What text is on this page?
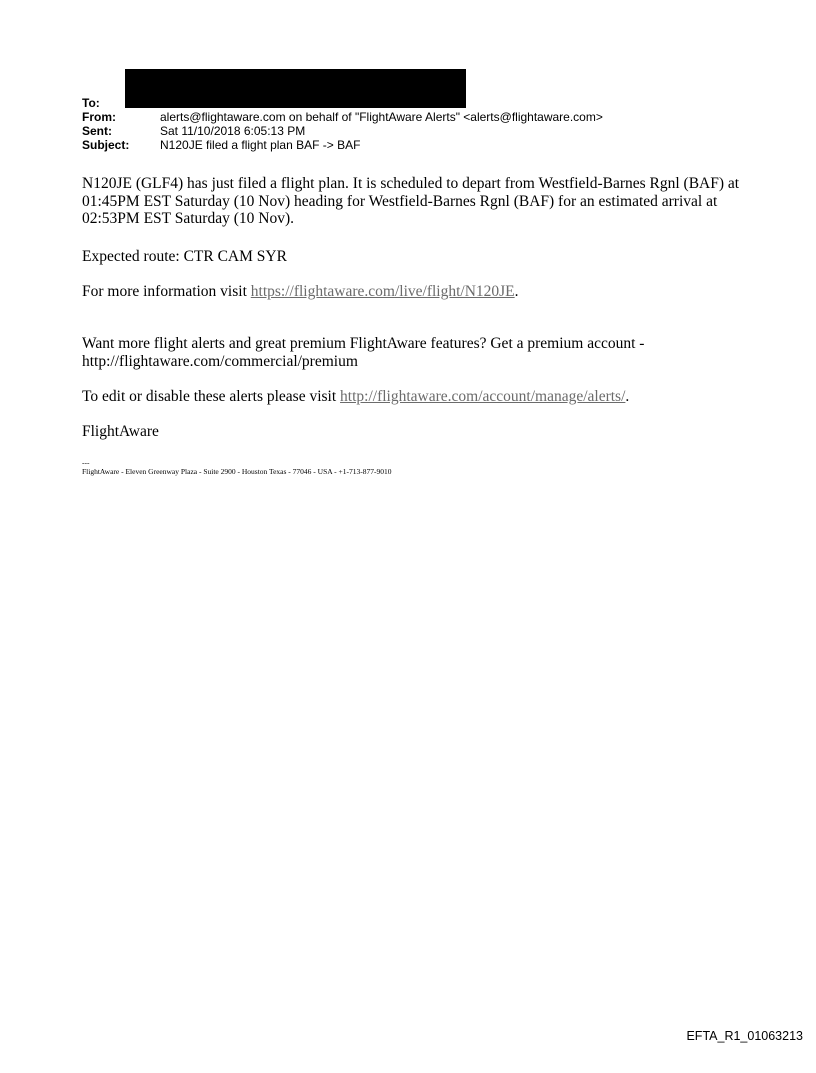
To:
From:	alerts@flightaware.com on behalf of "FlightAware Alerts" <alerts@flightaware.com>
Sent:	Sat 11/10/2018 6:05:13 PM
Subject:	N120JE filed a flight plan BAF -> BAF

N120JE (GLF4) has just filed a flight plan. It is scheduled to depart from Westfield-Barnes Rgnl (BAF) at 01:45PM EST Saturday (10 Nov) heading for Westfield-Barnes Rgnl (BAF) for an estimated arrival at 02:53PM EST Saturday (10 Nov).

Expected route: CTR CAM SYR

For more information visit https://flightaware.com/live/flight/N120JE.

Want more flight alerts and great premium FlightAware features? Get a premium account - http://flightaware.com/commercial/premium

To edit or disable these alerts please visit http://flightaware.com/account/manage/alerts/.

FlightAware

---
FlightAware - Eleven Greenway Plaza - Suite 2900 - Houston Texas - 77046 - USA - +1-713-877-9010
EFTA_R1_01063213
